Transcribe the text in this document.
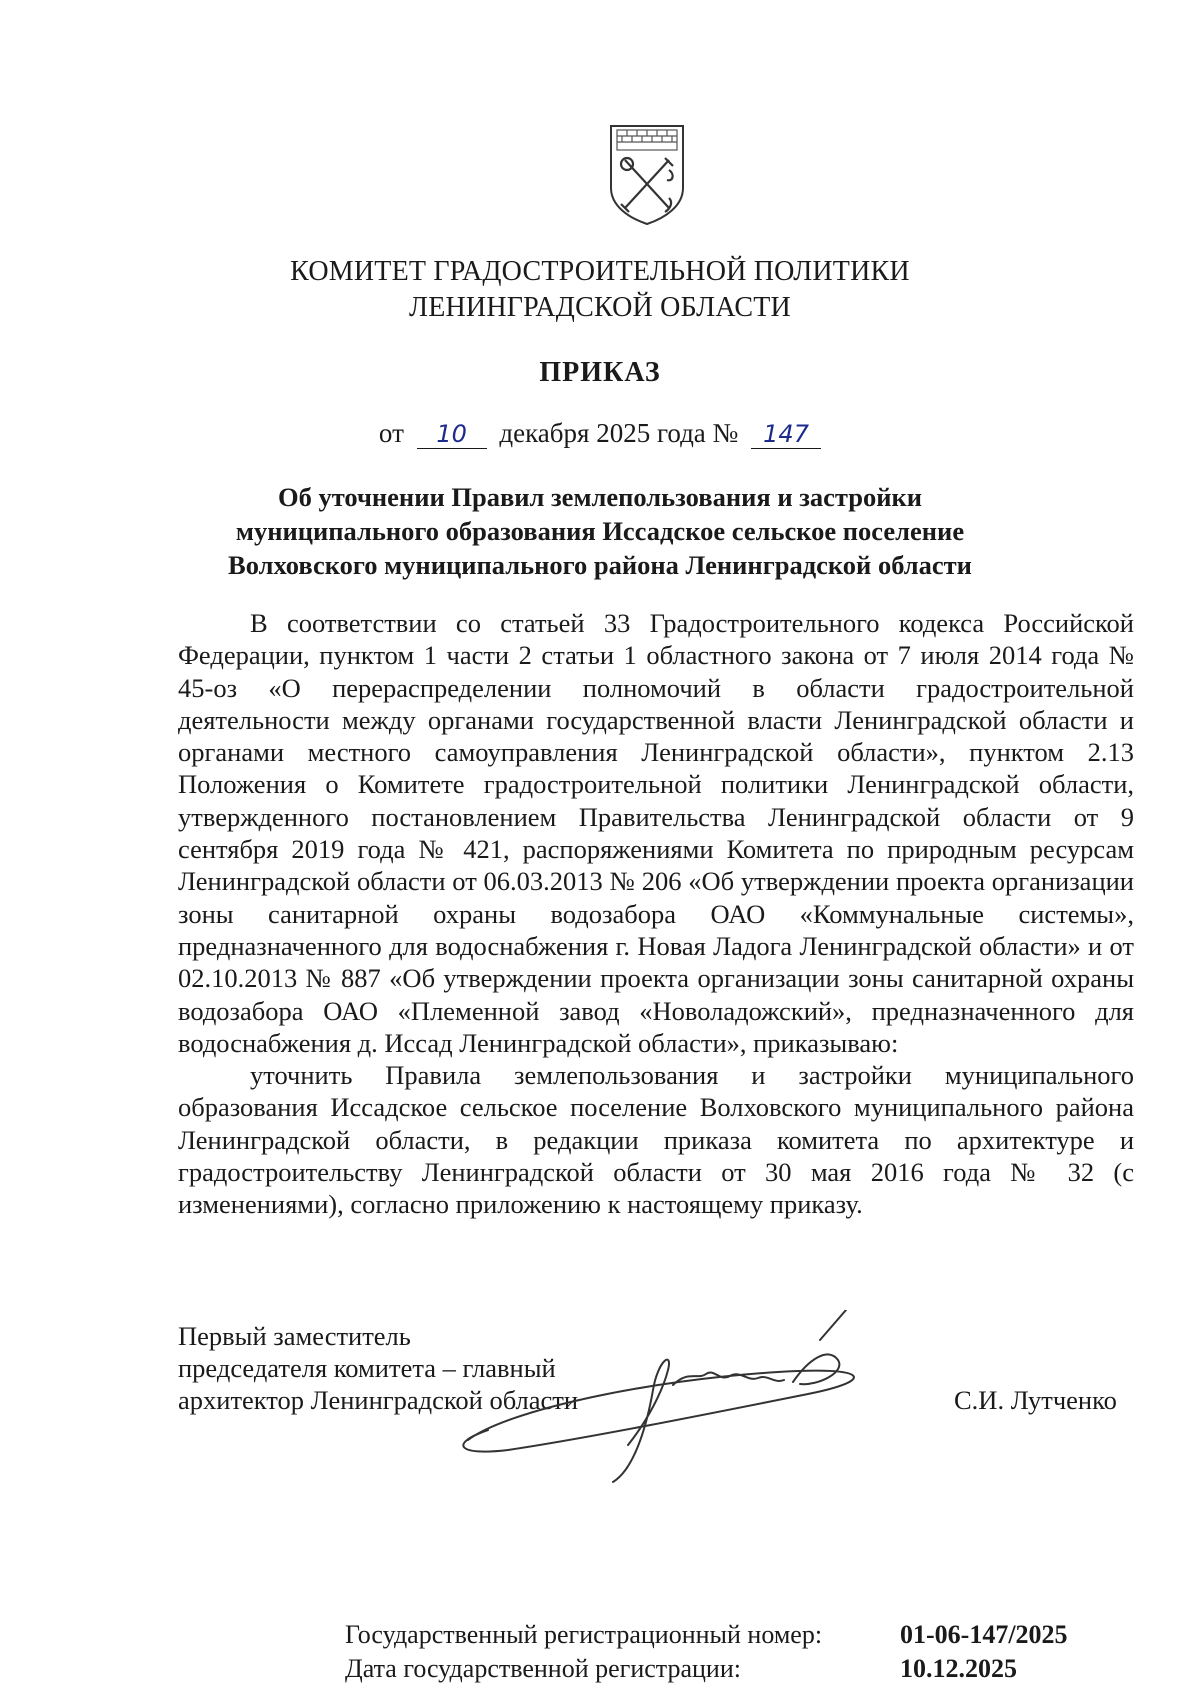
КОМИТЕТ ГРАДОСТРОИТЕЛЬНОЙ ПОЛИТИКИ
ЛЕНИНГРАДСКОЙ ОБЛАСТИ
ПРИКАЗ
от 10 декабря 2025 года № 147
Об уточнении Правил землепользования и застройки
муниципального образования Иссадское сельское поселение
Волховского муниципального района Ленинградской области

В соответствии со статьей 33 Градостроительного кодекса Российской Федерации, пунктом 1 части 2 статьи 1 областного закона от 7 июля 2014 года № 45-оз «О перераспределении полномочий в области градостроительной деятельности между органами государственной власти Ленинградской области и органами местного самоуправления Ленинградской области», пунктом 2.13 Положения о Комитете градостроительной политики Ленинградской области, утвержденного постановлением Правительства Ленинградской области от 9 сентября 2019 года № 421, распоряжениями Комитета по природным ресурсам Ленинградской области от 06.03.2013 № 206 «Об утверждении проекта организации зоны санитарной охраны водозабора ОАО «Коммунальные системы», предназначенного для водоснабжения г. Новая Ладога Ленинградской области» и от 02.10.2013 № 887 «Об утверждении проекта организации зоны санитарной охраны водозабора ОАО «Племенной завод «Новоладожский», предназначенного для водоснабжения д. Иссад Ленинградской области», приказываю:

уточнить Правила землепользования и застройки муниципального образования Иссадское сельское поселение Волховского муниципального района Ленинградской области, в редакции приказа комитета по архитектуре и градостроительству Ленинградской области от 30 мая 2016 года № 32 (с изменениями), согласно приложению к настоящему приказу.

Первый заместитель
председателя комитета – главный
архитектор Ленинградской области	С.И. Лутченко
Государственный регистрационный номер:	01-06-147/2025
Дата государственной регистрации:	10.12.2025
